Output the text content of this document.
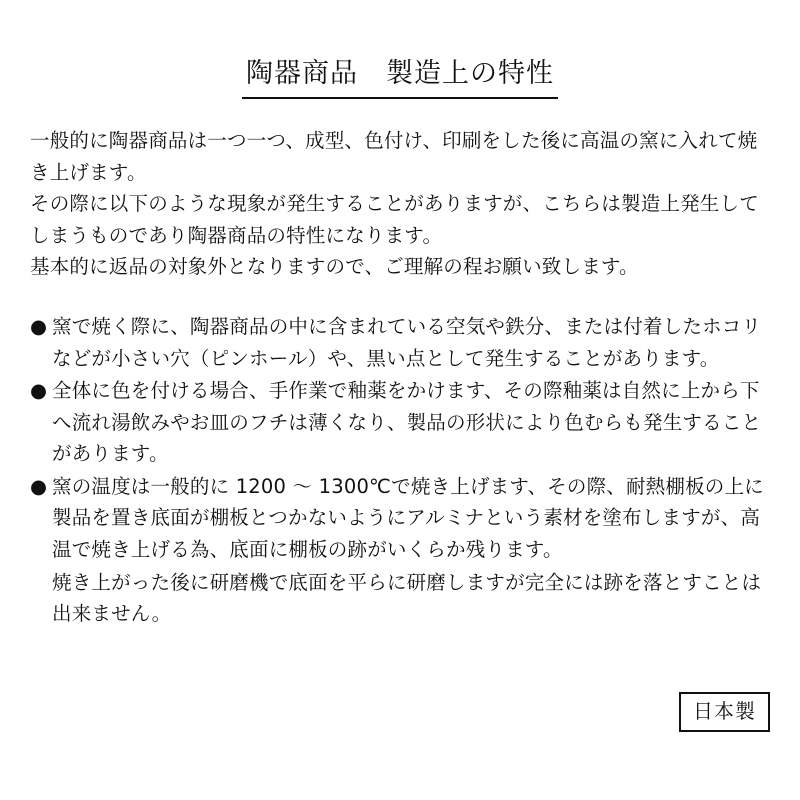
陶器商品　製造上の特性

一般的に陶器商品は一つ一つ、成型、色付け、印刷をした後に高温の窯に入れて焼き上げます。

その際に以下のような現象が発生することがありますが、こちらは製造上発生してしまうものであり陶器商品の特性になります。

基本的に返品の対象外となりますので、ご理解の程お願い致します。

● 窯で焼く際に、陶器商品の中に含まれている空気や鉄分、または付着したホコリなどが小さい穴（ピンホール）や、黒い点として発生することがあります。
● 全体に色を付ける場合、手作業で釉薬をかけます、その際釉薬は自然に上から下へ流れ湯飲みやお皿のフチは薄くなり、製品の形状により色むらも発生することがあります。
● 窯の温度は一般的に 1200 〜 1300℃で焼き上げます、その際、耐熱棚板の上に製品を置き底面が棚板とつかないようにアルミナという素材を塗布しますが、高温で焼き上げる為、底面に棚板の跡がいくらか残ります。

焼き上がった後に研磨機で底面を平らに研磨しますが完全には跡を落とすことは出来ません。

日本製
